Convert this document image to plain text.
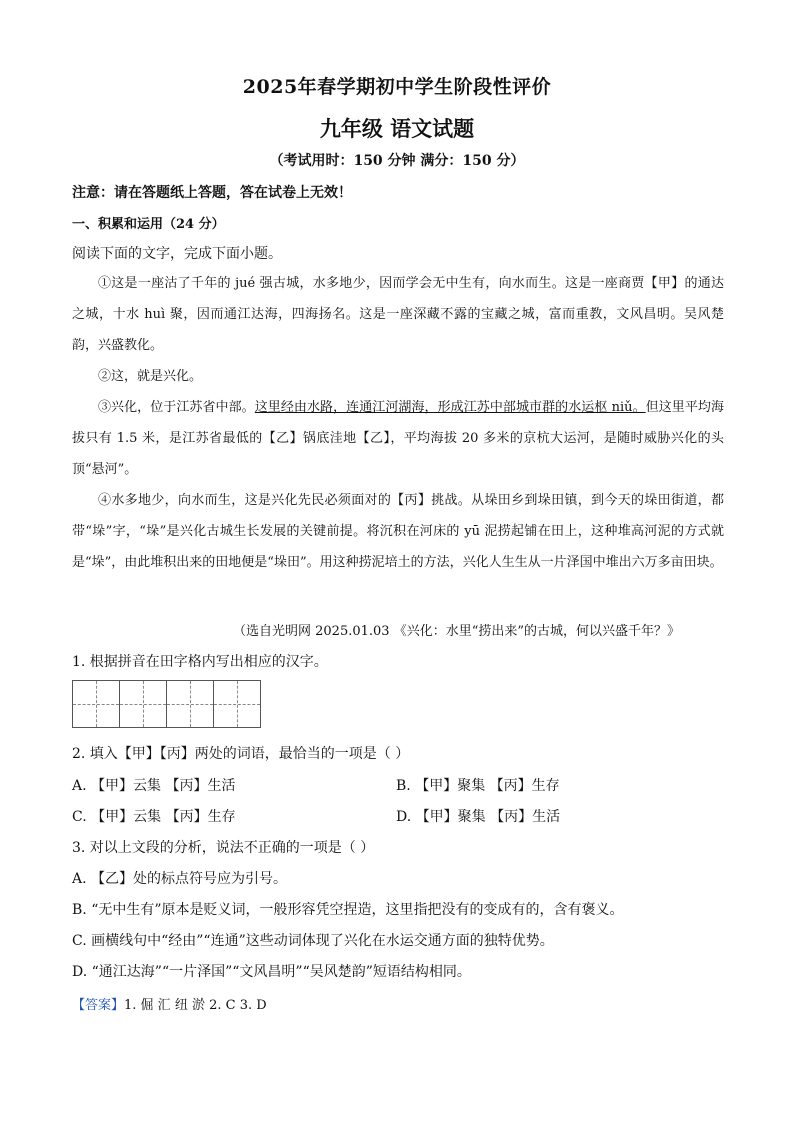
2025年春学期初中学生阶段性评价
九年级 语文试题
（考试用时：150 分钟 满分：150 分）
注意：请在答题纸上答题，答在试卷上无效！
一、积累和运用（24 分）
阅读下面的文字，完成下面小题。

①这是一座沽了千年的 jué 强古城，水多地少，因而学会无中生有，向水而生。这是一座商贾【甲】的通达之城，十水 huì 聚，因而通江达海，四海扬名。这是一座深藏不露的宝藏之城，富而重教，文风昌明。吴风楚韵，兴盛教化。

②这，就是兴化。

③兴化，位于江苏省中部。这里经由水路，连通江河湖海，形成江苏中部城市群的水运枢 niǔ。但这里平均海拔只有 1.5 米，是江苏省最低的【乙】锅底洼地【乙】，平均海拔 20 多米的京杭大运河，是随时威胁兴化的头顶“悬河”。

④水多地少，向水而生，这是兴化先民必须面对的【丙】挑战。从垛田乡到垛田镇，到今天的垛田街道，都带“垛”字，“垛”是兴化古城生长发展的关键前提。将沉积在河床的 yū 泥捞起铺在田上，这种堆高河泥的方式就是“垛”，由此堆积出来的田地便是“垛田”。用这种捞泥培土的方法，兴化人生生从一片泽国中堆出六万多亩田块。

（选自光明网 2025.01.03 《兴化：水里“捞出来”的古城，何以兴盛千年？》
1. 根据拼音在田字格内写出相应的汉字。
2. 填入【甲】【丙】两处的词语，最恰当的一项是（ ）
A. 【甲】云集 【丙】生活	B. 【甲】聚集 【丙】生存
C. 【甲】云集 【丙】生存	D. 【甲】聚集 【丙】生活
3. 对以上文段的分析，说法不正确的一项是（ ）
A. 【乙】处的标点符号应为引号。
B. “无中生有”原本是贬义词，一般形容凭空捏造，这里指把没有的变成有的，含有褒义。
C. 画横线句中“经由”“连通”这些动词体现了兴化在水运交通方面的独特优势。
D. “通江达海”“一片泽国”“文风昌明”“吴风楚韵”短语结构相同。
【答案】1. 倔 汇 纽 淤 2. C 3. D
